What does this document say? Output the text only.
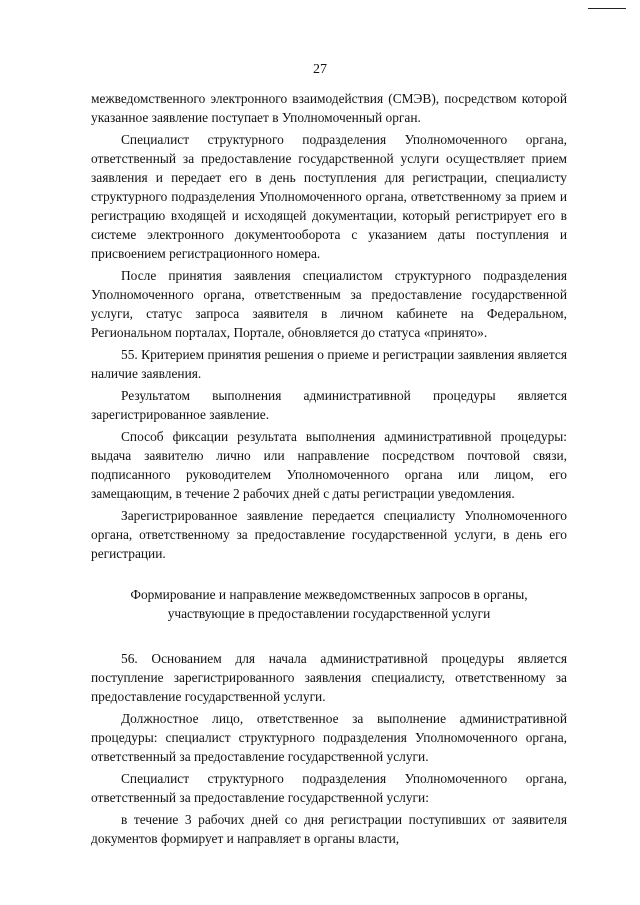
27

межведомственного электронного взаимодействия (СМЭВ), посредством которой указанное заявление поступает в Уполномоченный орган.

Специалист структурного подразделения Уполномоченного органа, ответственный за предоставление государственной услуги осуществляет прием заявления и передает его в день поступления для регистрации, специалисту структурного подразделения Уполномоченного органа, ответственному за прием и регистрацию входящей и исходящей документации, который регистрирует его в системе электронного документооборота с указанием даты поступления и присвоением регистрационного номера.

После принятия заявления специалистом структурного подразделения Уполномоченного органа, ответственным за предоставление государственной услуги, статус запроса заявителя в личном кабинете на Федеральном, Региональном порталах, Портале, обновляется до статуса «принято».

55. Критерием принятия решения о приеме и регистрации заявления является наличие заявления.

Результатом выполнения административной процедуры является зарегистрированное заявление.

Способ фиксации результата выполнения административной процедуры: выдача заявителю лично или направление посредством почтовой связи, подписанного руководителем Уполномоченного органа или лицом, его замещающим, в течение 2 рабочих дней с даты регистрации уведомления.

Зарегистрированное заявление передается специалисту Уполномоченного органа, ответственному за предоставление государственной услуги, в день его регистрации.

Формирование и направление межведомственных запросов в органы, участвующие в предоставлении государственной услуги

56. Основанием для начала административной процедуры является поступление зарегистрированного заявления специалисту, ответственному за предоставление государственной услуги.

Должностное лицо, ответственное за выполнение административной процедуры: специалист структурного подразделения Уполномоченного органа, ответственный за предоставление государственной услуги.

Специалист структурного подразделения Уполномоченного органа, ответственный за предоставление государственной услуги:

в течение 3 рабочих дней со дня регистрации поступивших от заявителя документов формирует и направляет в органы власти,
